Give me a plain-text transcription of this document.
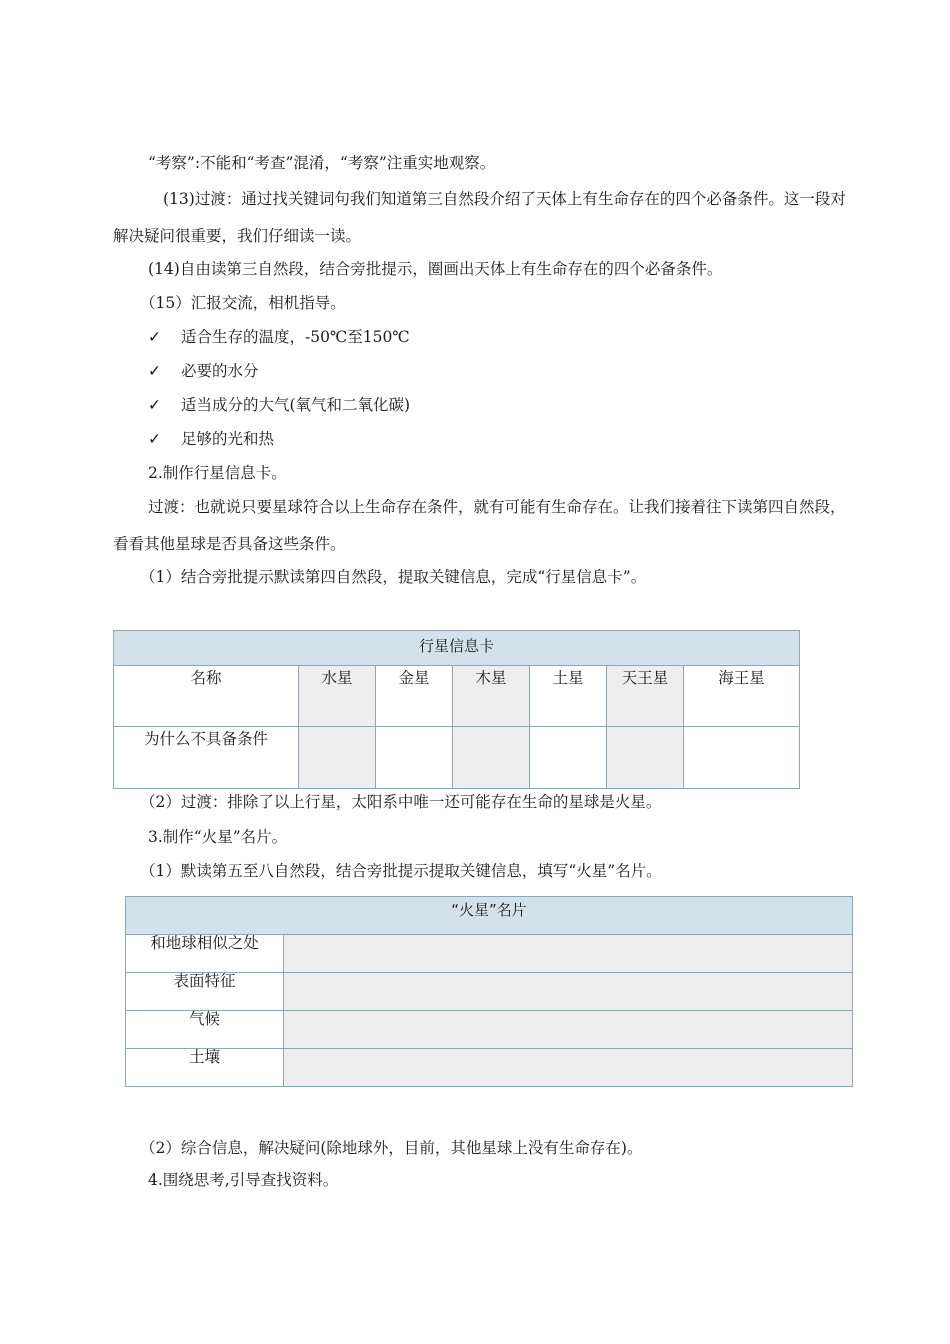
“考察”:不能和“考查”混淆，“考察”注重实地观察。
(13)过渡：通过找关键词句我们知道第三自然段介绍了天体上有生命存在的四个必备条件。这一段对解决疑问很重要，我们仔细读一读。
(14)自由读第三自然段，结合旁批提示，圈画出天体上有生命存在的四个必备条件。
（15）汇报交流，相机指导。
✓ 适合生存的温度，-50℃至150℃
✓ 必要的水分
✓ 适当成分的大气(氧气和二氧化碳)
✓ 足够的光和热
2.制作行星信息卡。
过渡：也就说只要星球符合以上生命存在条件，就有可能有生命存在。让我们接着往下读第四自然段，看看其他星球是否具备这些条件。
（1）结合旁批提示默读第四自然段，提取关键信息，完成“行星信息卡”。
行星信息卡						
名称	水星	金星	木星	土星	天王星	海王星
为什么不具备条件						
（2）过渡：排除了以上行星，太阳系中唯一还可能存在生命的星球是火星。
3.制作“火星”名片。
（1）默读第五至八自然段，结合旁批提示提取关键信息，填写“火星”名片。
“火星”名片	
和地球相似之处	
表面特征	
气候	
土壤	
（2）综合信息，解决疑问(除地球外，目前，其他星球上没有生命存在)。
4.围绕思考,引导查找资料。
